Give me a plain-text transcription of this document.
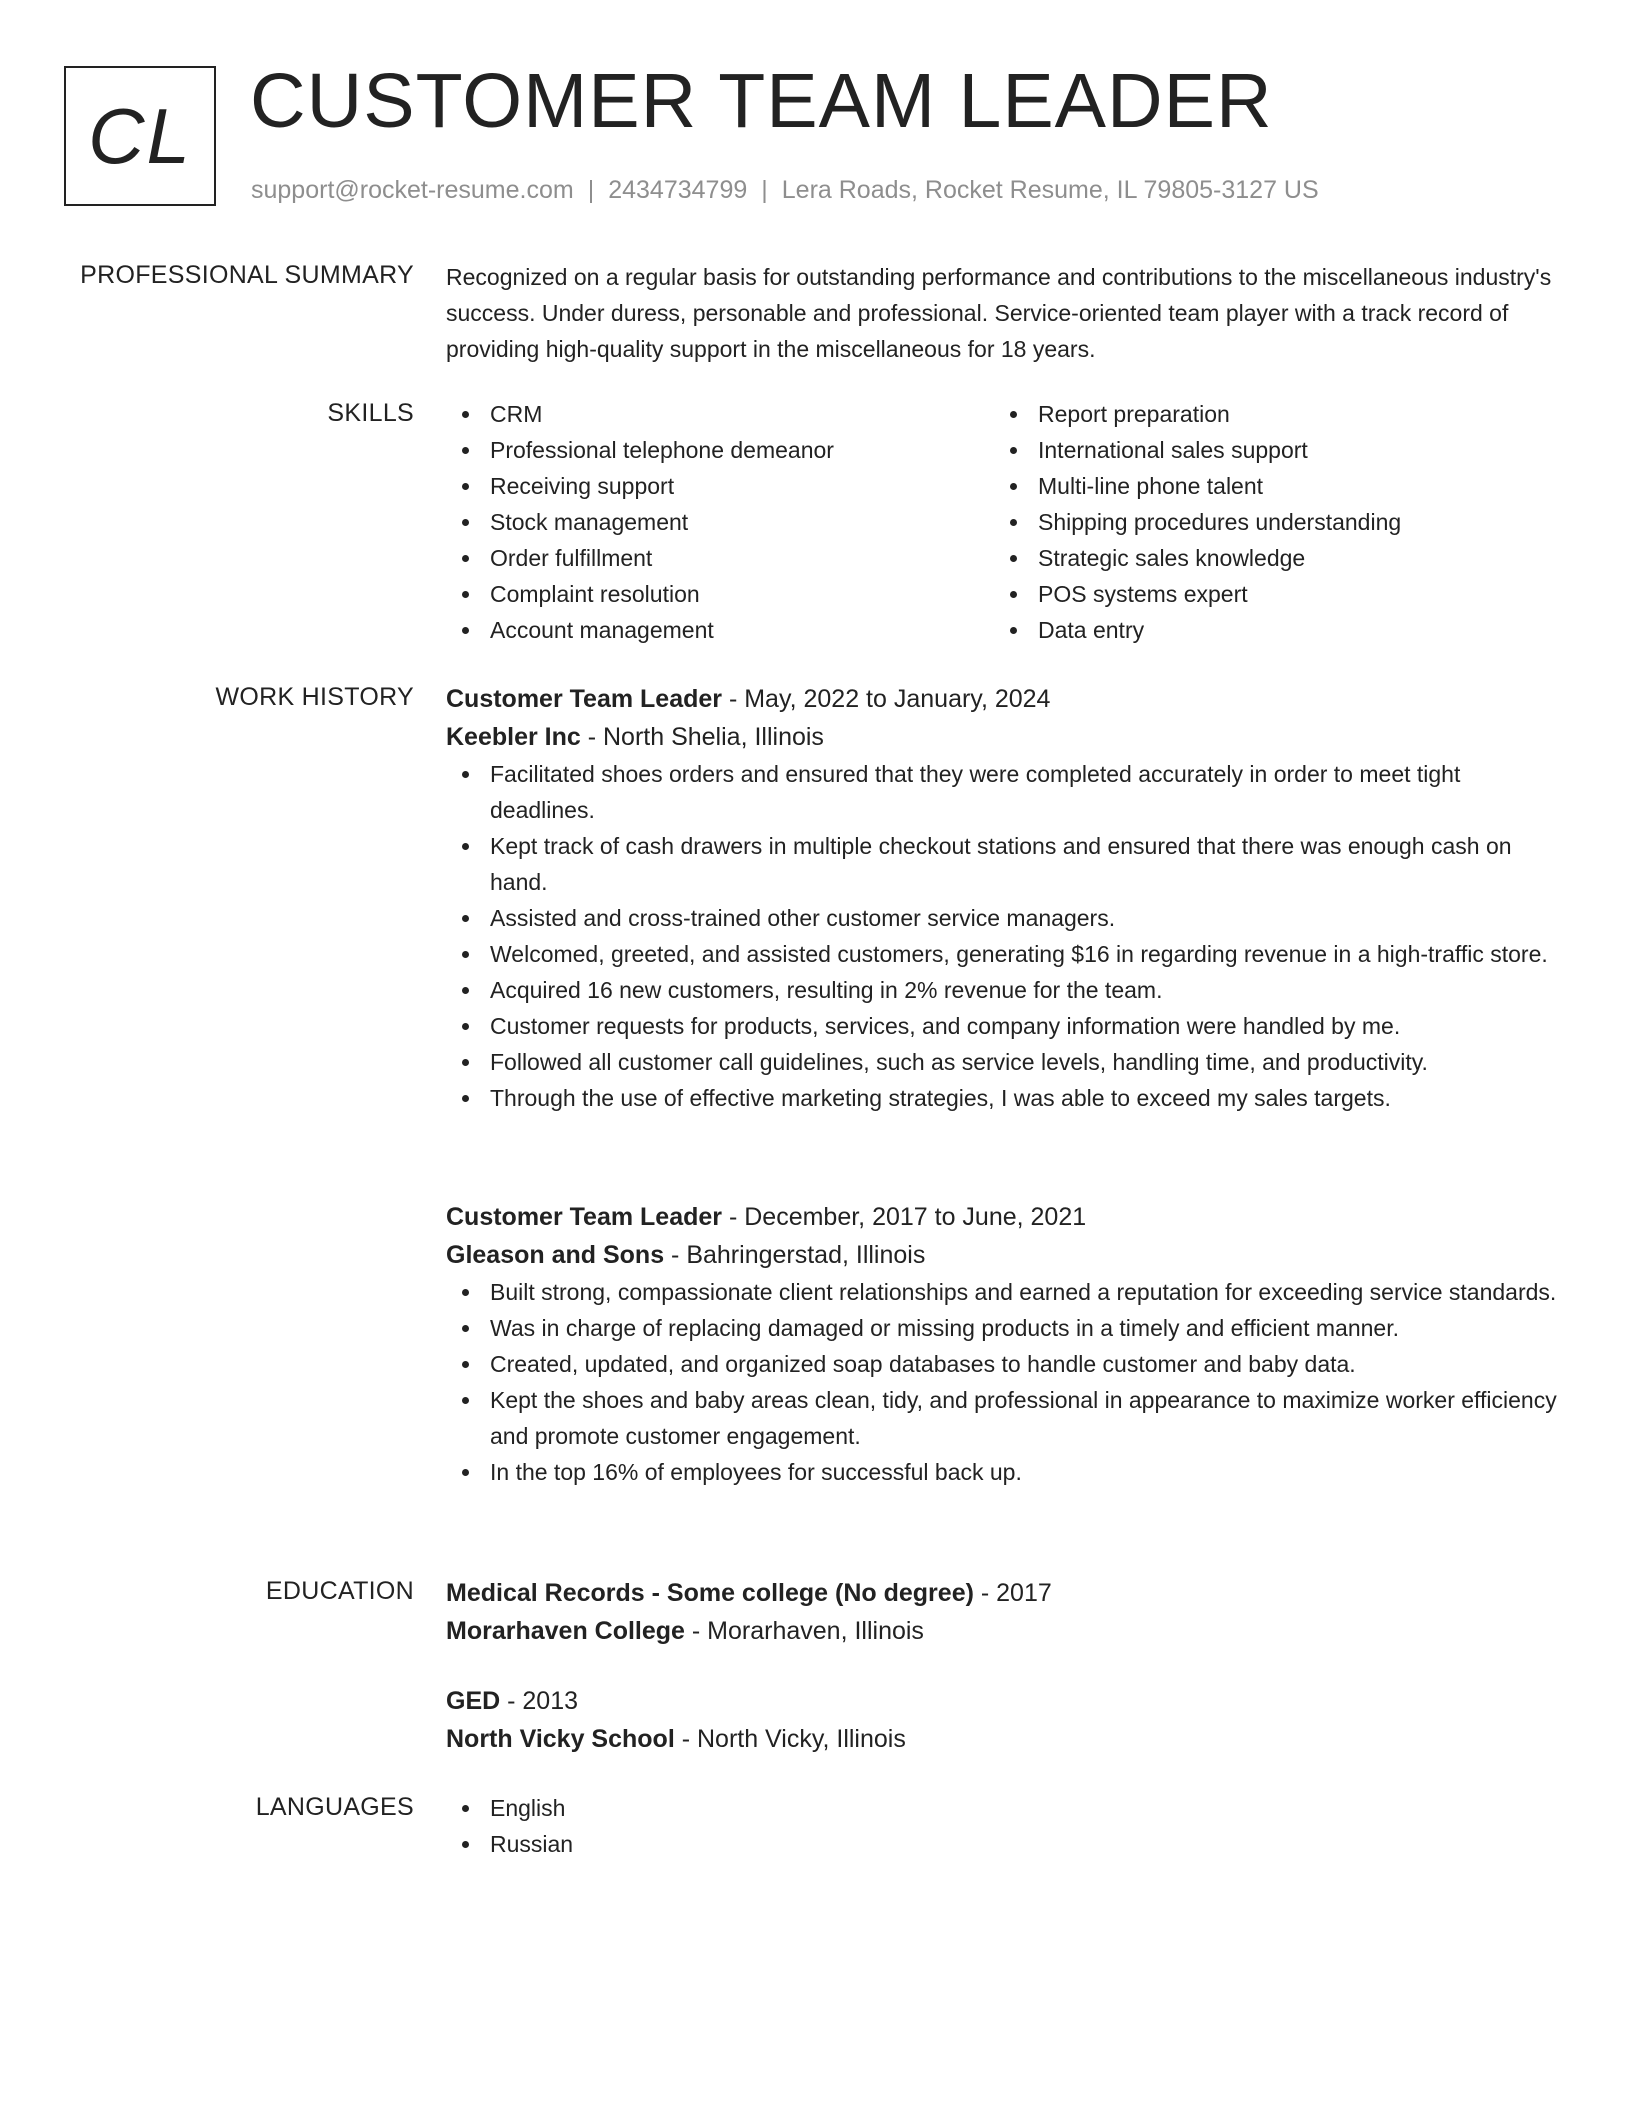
CL CUSTOMER TEAM LEADER
support@rocket-resume.com | 2434734799 | Lera Roads, Rocket Resume, IL 79805-3127 US
PROFESSIONAL SUMMARY Recognized on a regular basis for outstanding performance and contributions to the miscellaneous industry's success. Under duress, personable and professional. Service-oriented team player with a track record of providing high-quality support in the miscellaneous for 18 years.
SKILLS	CRM
Professional telephone demeanor
Receiving support
Stock management
Order fulfillment
Complaint resolution
Account management
Report preparation
International sales support
Multi-line phone talent
Shipping procedures understanding
Strategic sales knowledge
POS systems expert
Data entry
WORK HISTORY Customer Team Leader - May, 2022 to January, 2024
Keebler Inc - North Shelia, Illinois
Facilitated shoes orders and ensured that they were completed accurately in order to meet tight deadlines.
Kept track of cash drawers in multiple checkout stations and ensured that there was enough cash on hand.
Assisted and cross-trained other customer service managers.
Welcomed, greeted, and assisted customers, generating $16 in regarding revenue in a high-traffic store.
Acquired 16 new customers, resulting in 2% revenue for the team.
Customer requests for products, services, and company information were handled by me.
Followed all customer call guidelines, such as service levels, handling time, and productivity.
Through the use of effective marketing strategies, I was able to exceed my sales targets.
Customer Team Leader - December, 2017 to June, 2021
Gleason and Sons - Bahringerstad, Illinois
Built strong, compassionate client relationships and earned a reputation for exceeding service standards.
Was in charge of replacing damaged or missing products in a timely and efficient manner.
Created, updated, and organized soap databases to handle customer and baby data.
Kept the shoes and baby areas clean, tidy, and professional in appearance to maximize worker efficiency and promote customer engagement.
In the top 16% of employees for successful back up.
EDUCATION Medical Records - Some college (No degree) - 2017
Morarhaven College - Morarhaven, Illinois
GED - 2013
North Vicky School - North Vicky, Illinois
LANGUAGES	English
Russian
